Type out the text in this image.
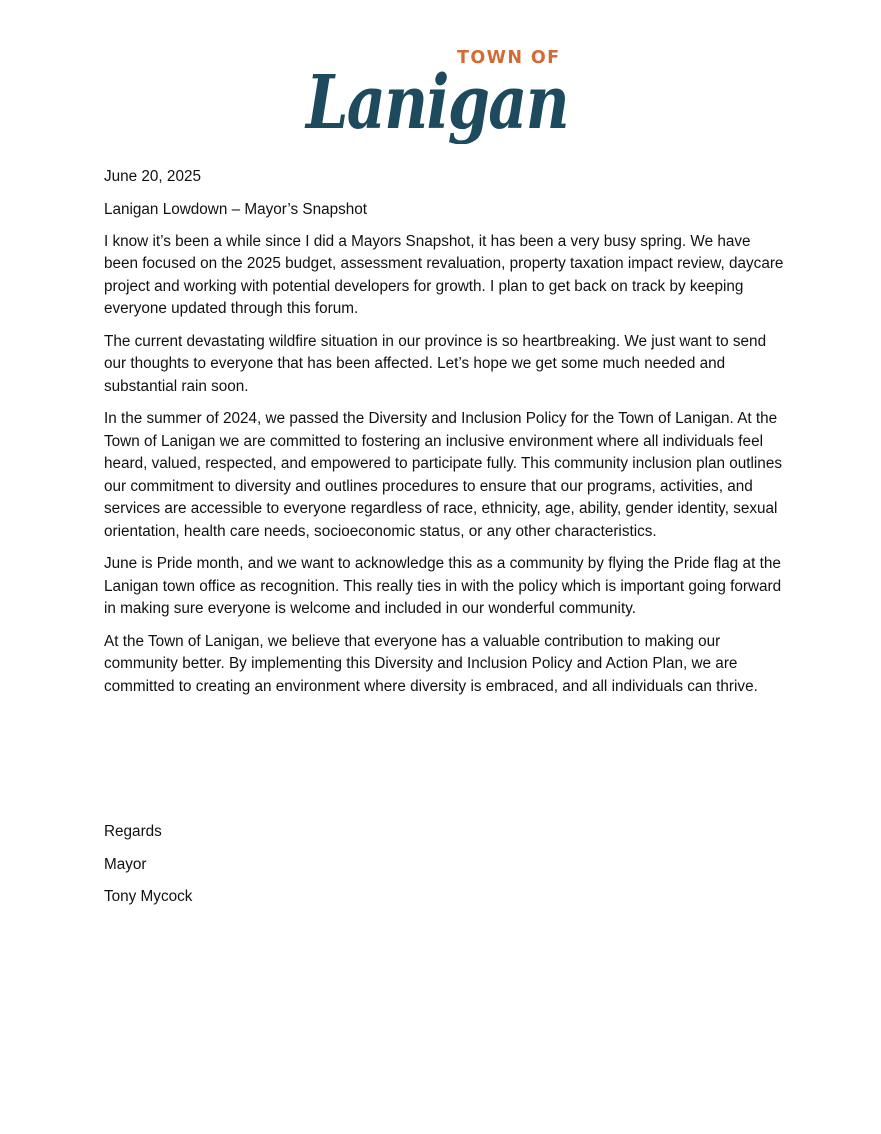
Lanigan
TOWN OF

June 20, 2025

Lanigan Lowdown – Mayor’s Snapshot

I know it’s been a while since I did a Mayors Snapshot, it has been a very busy spring. We have been focused on the 2025 budget, assessment revaluation, property taxation impact review, daycare project and working with potential developers for growth. I plan to get back on track by keeping everyone updated through this forum.

The current devastating wildfire situation in our province is so heartbreaking. We just want to send our thoughts to everyone that has been affected. Let’s hope we get some much needed and substantial rain soon.

In the summer of 2024, we passed the Diversity and Inclusion Policy for the Town of Lanigan. At the Town of Lanigan we are committed to fostering an inclusive environment where all individuals feel heard, valued, respected, and empowered to participate fully. This community inclusion plan outlines our commitment to diversity and outlines procedures to ensure that our programs, activities, and services are accessible to everyone regardless of race, ethnicity, age, ability, gender identity, sexual orientation, health care needs, socioeconomic status, or any other characteristics.

June is Pride month, and we want to acknowledge this as a community by flying the Pride flag at the Lanigan town office as recognition. This really ties in with the policy which is important going forward in making sure everyone is welcome and included in our wonderful community.

At the Town of Lanigan, we believe that everyone has a valuable contribution to making our community better. By implementing this Diversity and Inclusion Policy and Action Plan, we are committed to creating an environment where diversity is embraced, and all individuals can thrive.

Regards
Mayor
Tony Mycock
